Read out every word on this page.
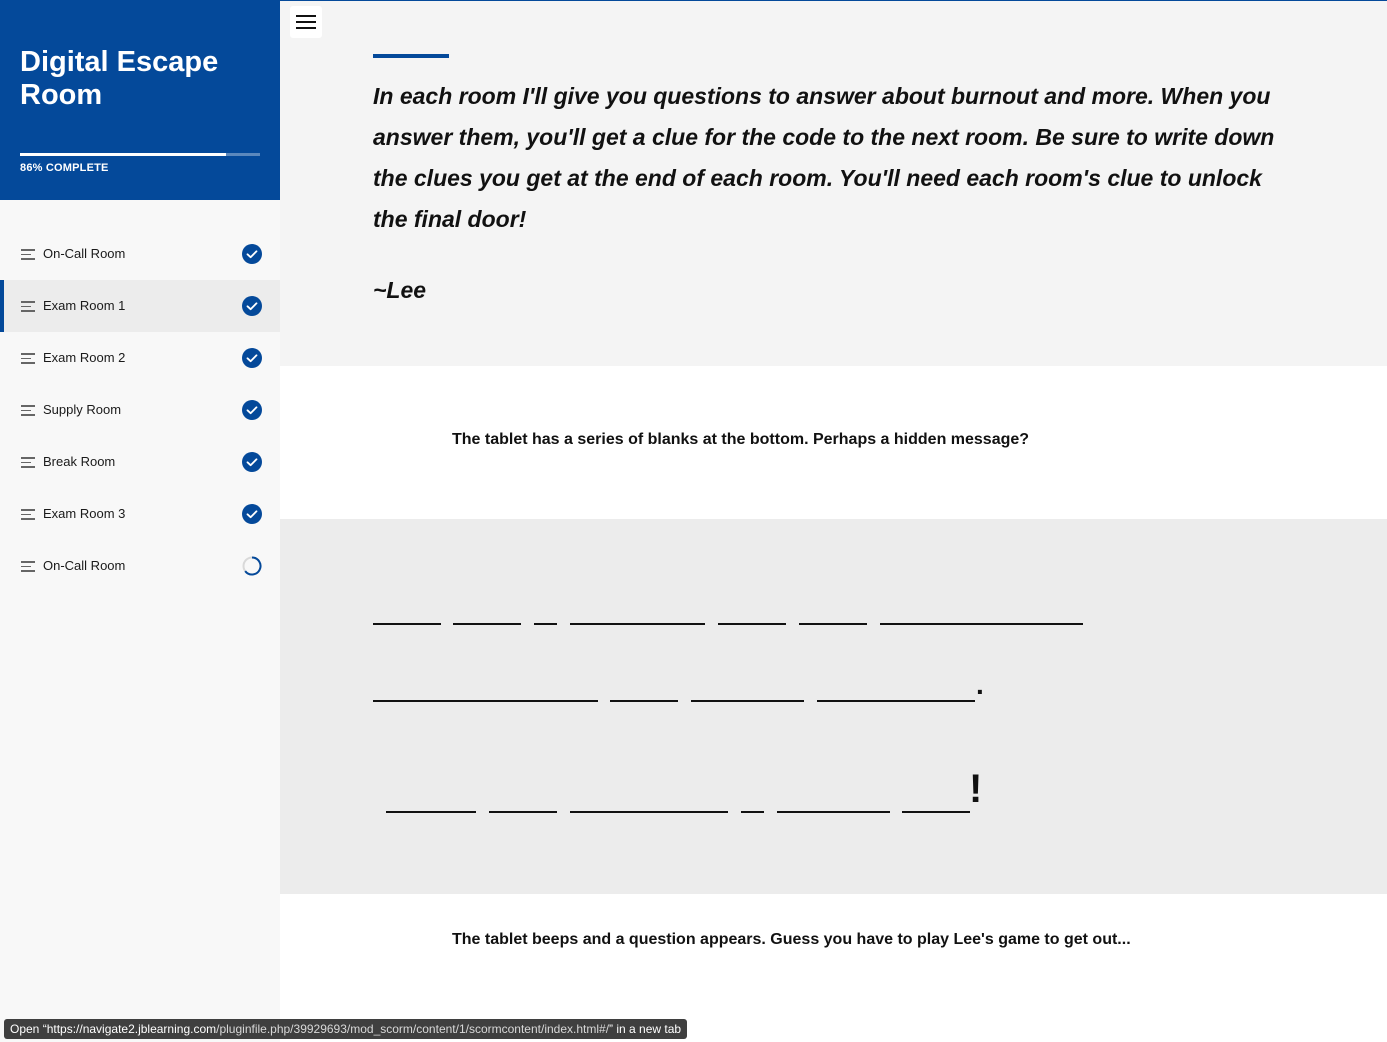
Digital Escape Room
86% COMPLETE
On-Call Room
Exam Room 1
Exam Room 2
Supply Room
Break Room
Exam Room 3
On-Call Room
In each room I'll give you questions to answer about burnout and more. When you answer them, you'll get a clue for the code to the next room. Be sure to write down the clues you get at the end of each room. You'll need each room's clue to unlock the final door!
~Lee
The tablet has a series of blanks at the bottom. Perhaps a hidden message?
.
!
The tablet beeps and a question appears. Guess you have to play Lee's game to get out...
Open “https://navigate2.jblearning.com/pluginfile.php/39929693/mod_scorm/content/1/scormcontent/index.html#/” in a new tab
